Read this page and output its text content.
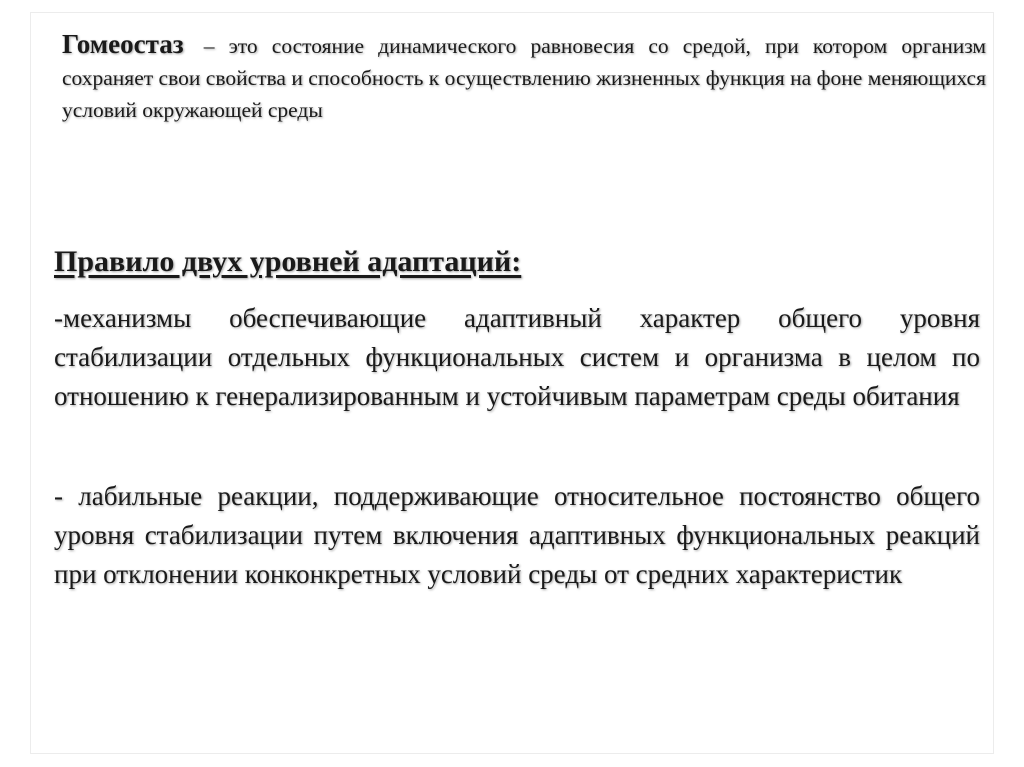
Гомеостаз – это состояние динамического равновесия со средой, при котором организм сохраняет свои свойства и способность к осуществлению жизненных функция на фоне меняющихся условий окружающей среды

Правило двух уровней адаптаций:

-механизмы обеспечивающие адаптивный характер общего уровня стабилизации отдельных функциональных систем и организма в целом по отношению к генерализированным и устойчивым параметрам среды обитания

- лабильные реакции, поддерживающие относительное постоянство общего уровня стабилизации путем включения адаптивных функциональных реакций при отклонении конконкретных условий среды от средних характеристик
